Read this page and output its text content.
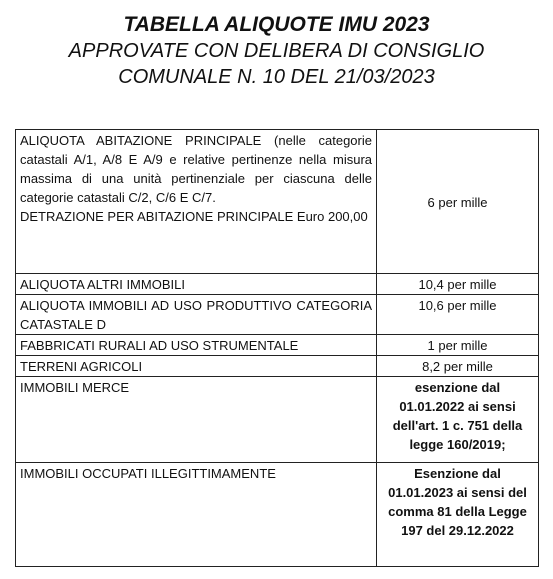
TABELLA ALIQUOTE IMU 2023
APPROVATE CON DELIBERA DI CONSIGLIO
COMUNALE N. 10 DEL 21/03/2023
ALIQUOTA ABITAZIONE PRINCIPALE (nelle categorie catastali A/1, A/8 E A/9 e relative pertinenze nella misura massima di una unità pertinenziale per ciascuna delle categorie catastali C/2, C/6 E C/7.
DETRAZIONE PER ABITAZIONE PRINCIPALE Euro 200,00	6 per mille
ALIQUOTA ALTRI IMMOBILI	10,4 per mille
ALIQUOTA IMMOBILI AD USO PRODUTTIVO CATEGORIA CATASTALE D	10,6 per mille
FABBRICATI RURALI AD USO STRUMENTALE	1 per mille
TERRENI AGRICOLI	8,2 per mille
IMMOBILI MERCE	esenzione dal 01.01.2022 ai sensi dell'art. 1 c. 751 della legge 160/2019;
IMMOBILI OCCUPATI ILLEGITTIMAMENTE	Esenzione dal 01.01.2023 ai sensi del comma 81 della Legge 197 del 29.12.2022
